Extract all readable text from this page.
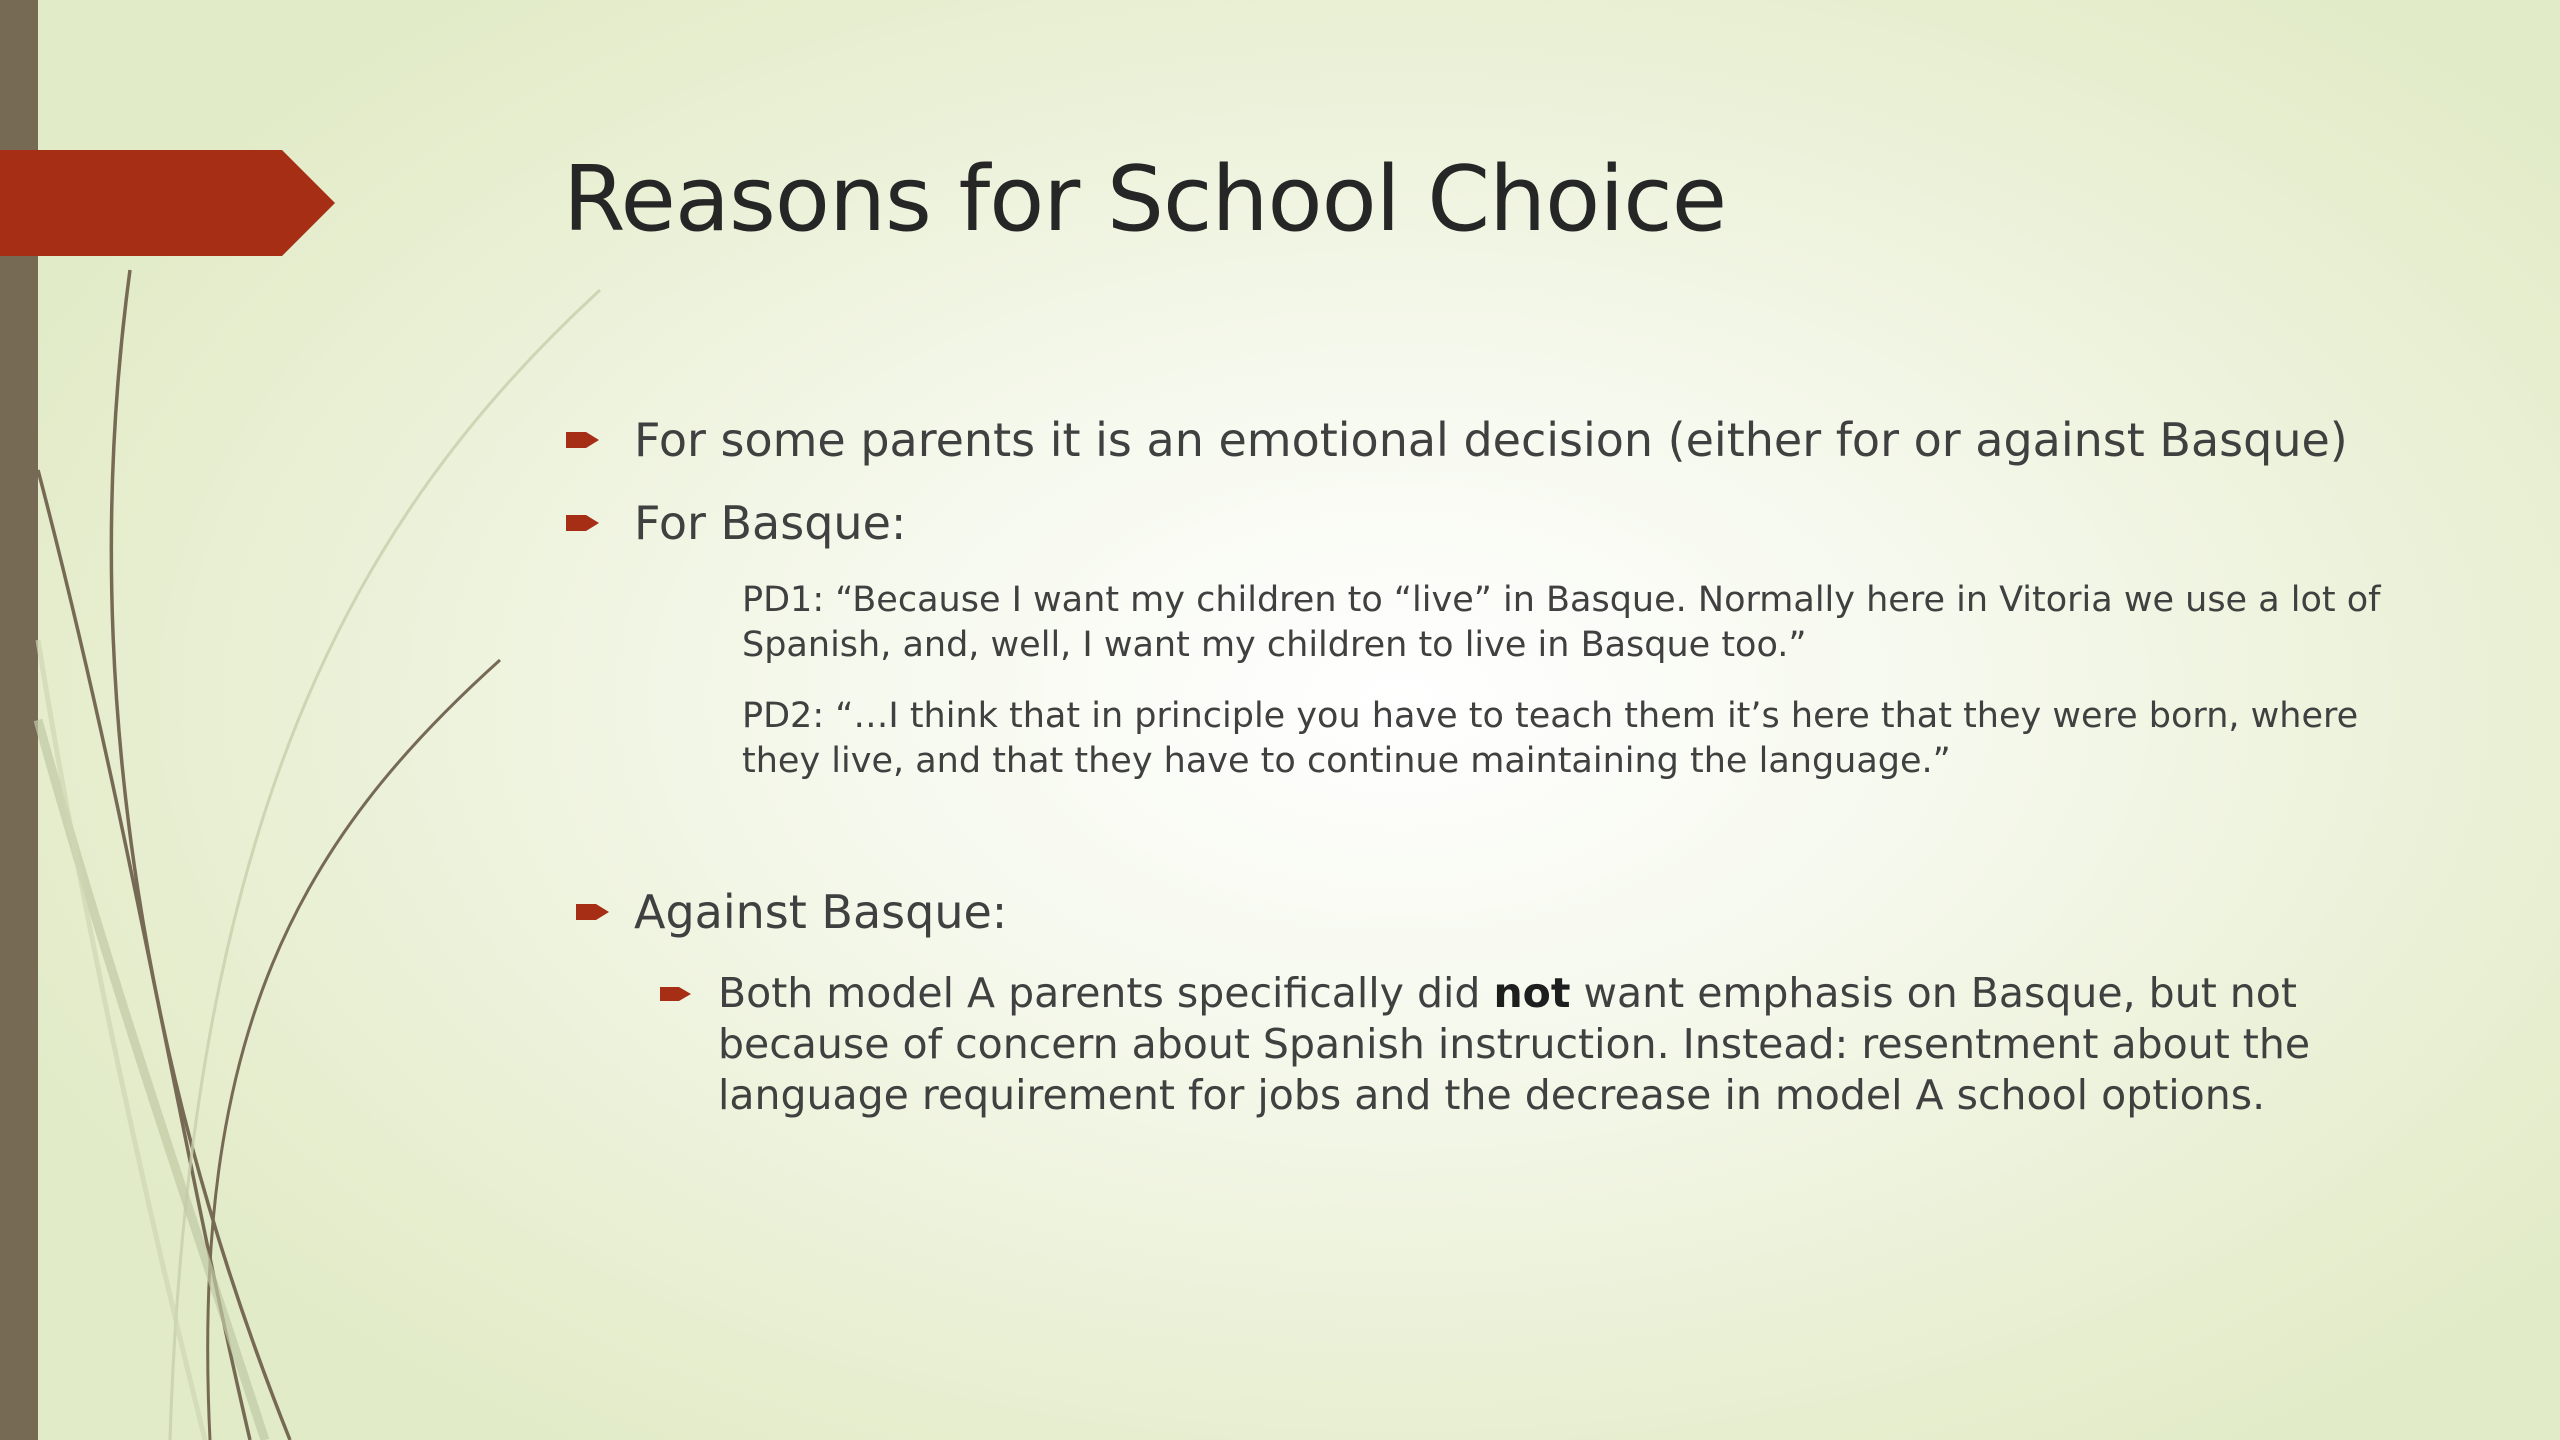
Reasons for School Choice
For some parents it is an emotional decision (either for or against Basque)
For Basque:

PD1: “Because I want my children to “live” in Basque. Normally here in Vitoria we use a lot of Spanish, and, well, I want my children to live in Basque too.”

PD2: “…I think that in principle you have to teach them it’s here that they were born, where they live, and that they have to continue maintaining the language.”

Against Basque:
Both model A parents specifically did not want emphasis on Basque, but not because of concern about Spanish instruction. Instead: resentment about the language requirement for jobs and the decrease in model A school options.
